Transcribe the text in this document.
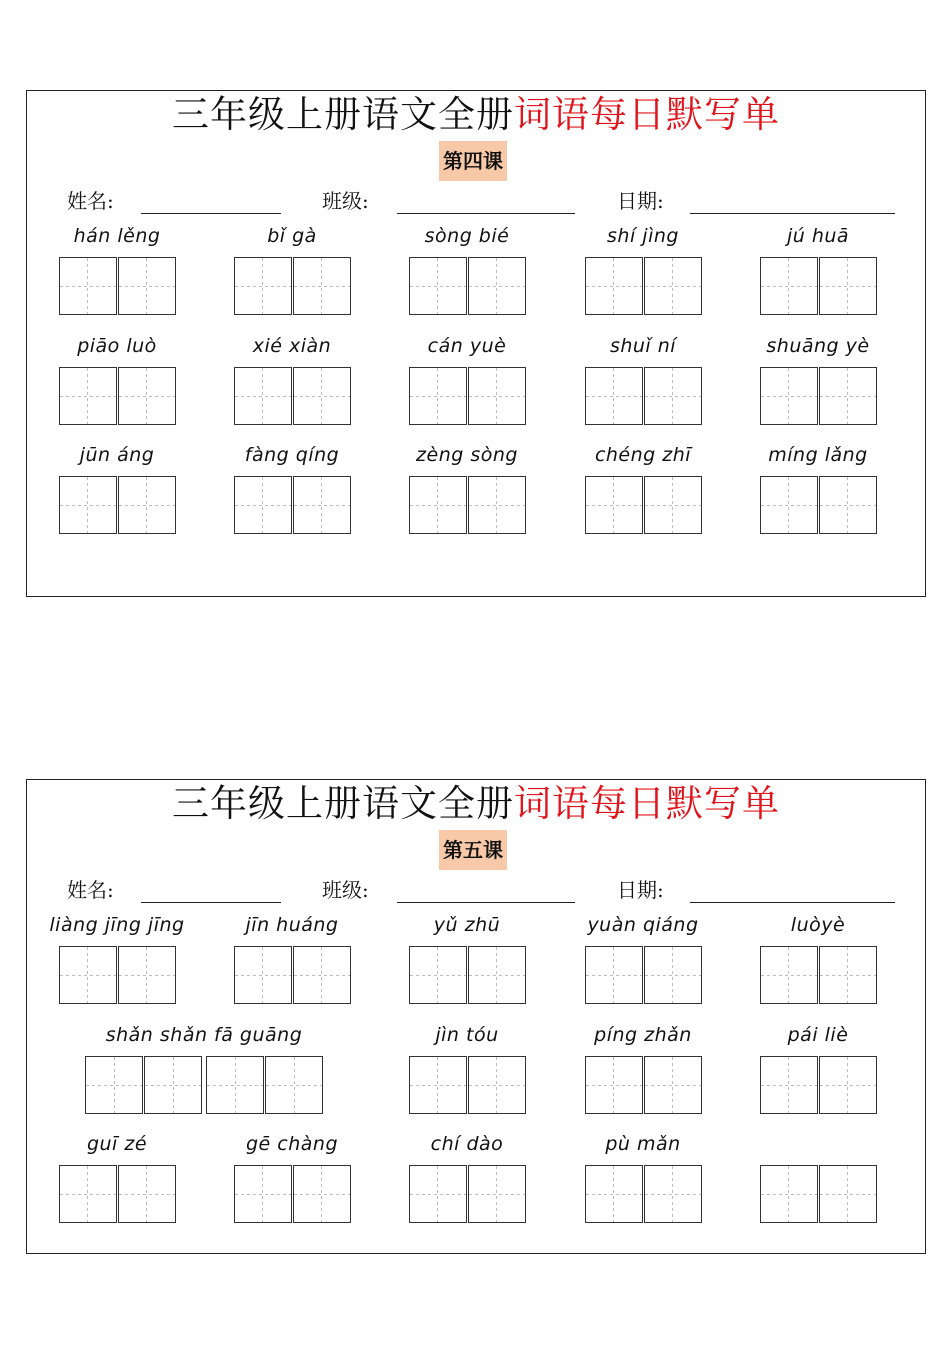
三年级上册语文全册词语每日默写单
第四课
姓名:	班级:	日期:
hán lěng	bǐ gà	sòng bié	shí jìng	jú huā
piāo luò	xié xiàn	cán yuè	shuǐ ní	shuāng yè
jūn áng	fàng qíng	zèng sòng	chéng zhī	míng lǎng
三年级上册语文全册词语每日默写单
第五课
姓名:	班级:	日期:
liàng jīng jīng	jīn huáng	yǔ zhū	yuàn qiáng	luòyè
shǎn shǎn fā guāng	jìn tóu	píng zhǎn	pái liè
guī zé	gē chàng	chí dào	pù mǎn
